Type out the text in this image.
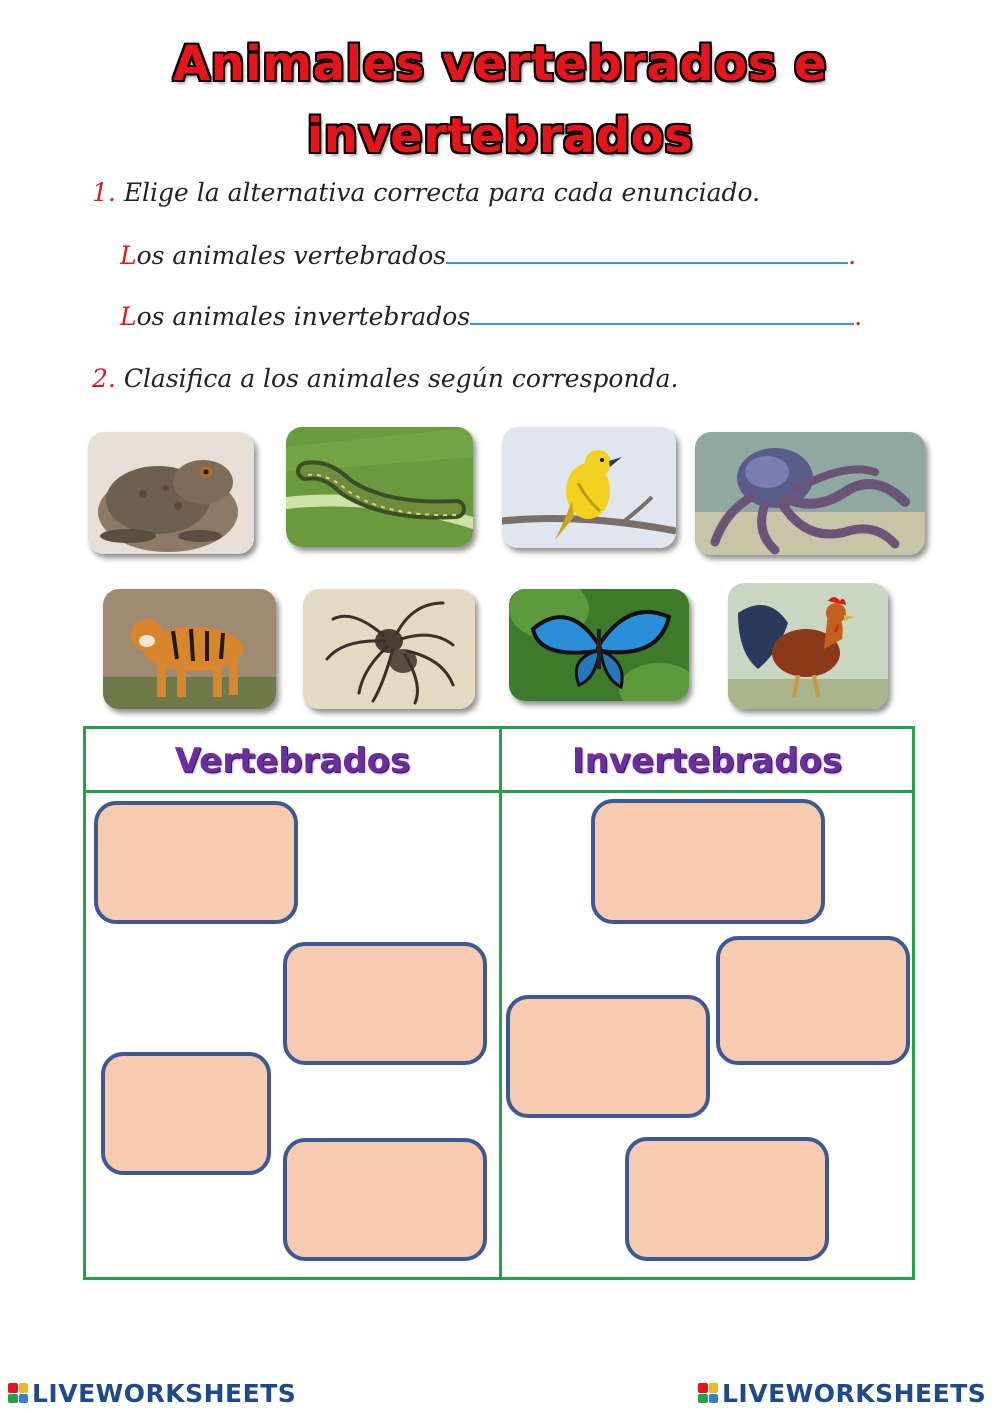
Animales vertebrados e
invertebrados
1. Elige la alternativa correcta para cada enunciado.
Los animales vertebrados	.
Los animales invertebrados	.
2. Clasifica a los animales según corresponda.
Vertebrados	Invertebrados
LIVEWORKSHEETS	LIVEWORKSHEETS
